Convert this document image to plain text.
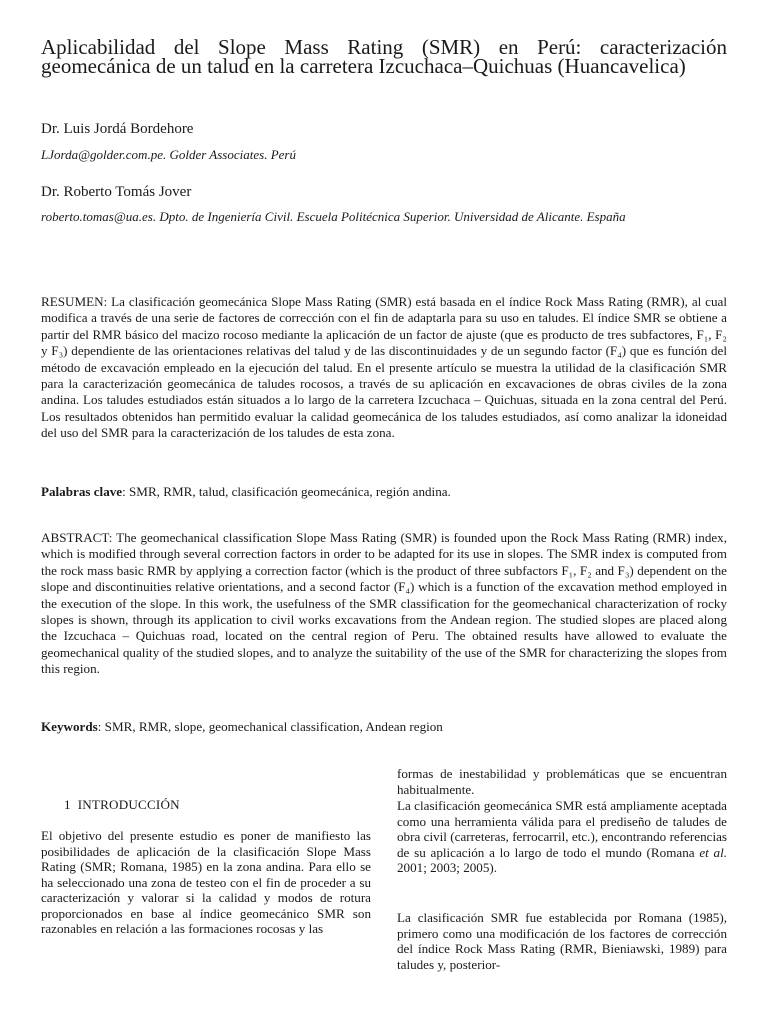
Aplicabilidad del Slope Mass Rating (SMR) en Perú: caracterización geomecánica de un talud en la carretera Izcuchaca–Quichuas (Huancavelica)
Dr. Luis Jordá Bordehore
LJorda@golder.com.pe. Golder Associates. Perú
Dr. Roberto Tomás Jover
roberto.tomas@ua.es. Dpto. de Ingeniería Civil. Escuela Politécnica Superior. Universidad de Alicante. España

RESUMEN: La clasificación geomecánica Slope Mass Rating (SMR) está basada en el índice Rock Mass Rating (RMR), al cual modifica a través de una serie de factores de corrección con el fin de adaptarla para su uso en taludes. El índice SMR se obtiene a partir del RMR básico del macizo rocoso mediante la aplicación de un factor de ajuste (que es producto de tres subfactores, F₁, F₂ y F₃) dependiente de las orientaciones relativas del talud y de las discontinuidades y de un segundo factor (F₄) que es función del método de excavación empleado en la ejecución del talud. En el presente artículo se muestra la utilidad de la clasificación SMR para la caracterización geomecánica de taludes rocosos, a través de su aplicación en excavaciones de obras civiles de la zona andina. Los taludes estudiados están situados a lo largo de la carretera Izcuchaca – Quichuas, situada en la zona central del Perú. Los resultados obtenidos han permitido evaluar la calidad geomecánica de los taludes estudiados, así como analizar la idoneidad del uso del SMR para la caracterización de los taludes de esta zona.

Palabras clave: SMR, RMR, talud, clasificación geomecánica, región andina.

ABSTRACT: The geomechanical classification Slope Mass Rating (SMR) is founded upon the Rock Mass Rating (RMR) index, which is modified through several correction factors in order to be adapted for its use in slopes. The SMR index is computed from the rock mass basic RMR by applying a correction factor (which is the product of three subfactors F₁, F₂ and F₃) dependent on the slope and discontinuities relative orientations, and a second factor (F₄) which is a function of the excavation method employed in the execution of the slope. In this work, the usefulness of the SMR classification for the geomechanical characterization of rocky slopes is shown, through its application to civil works excavations from the Andean region. The studied slopes are placed along the Izcuchaca – Quichuas road, located on the central region of Peru. The obtained results have allowed to evaluate the geomechanical quality of the studied slopes, and to analyze the suitability of the use of the SMR for characterizing the slopes from this region.

Keywords: SMR, RMR, slope, geomechanical classification, Andean region

1 INTRODUCCIÓN

El objetivo del presente estudio es poner de manifiesto las posibilidades de aplicación de la clasificación Slope Mass Rating (SMR; Romana, 1985) en la zona andina. Para ello se ha seleccionado una zona de testeo con el fin de proceder a su caracterización y valorar si la calidad y modos de rotura proporcionados en base al índice geomecánico SMR son razonables en relación a las formaciones rocosas y las

formas de inestabilidad y problemáticas que se encuentran habitualmente.

La clasificación geomecánica SMR está ampliamente aceptada como una herramienta válida para el prediseño de taludes de obra civil (carreteras, ferrocarril, etc.), encontrando referencias de su aplicación a lo largo de todo el mundo (Romana et al. 2001; 2003; 2005).

La clasificación SMR fue establecida por Romana (1985), primero como una modificación de los factores de corrección del índice Rock Mass Rating (RMR, Bieniawski, 1989) para taludes y, posterior-
